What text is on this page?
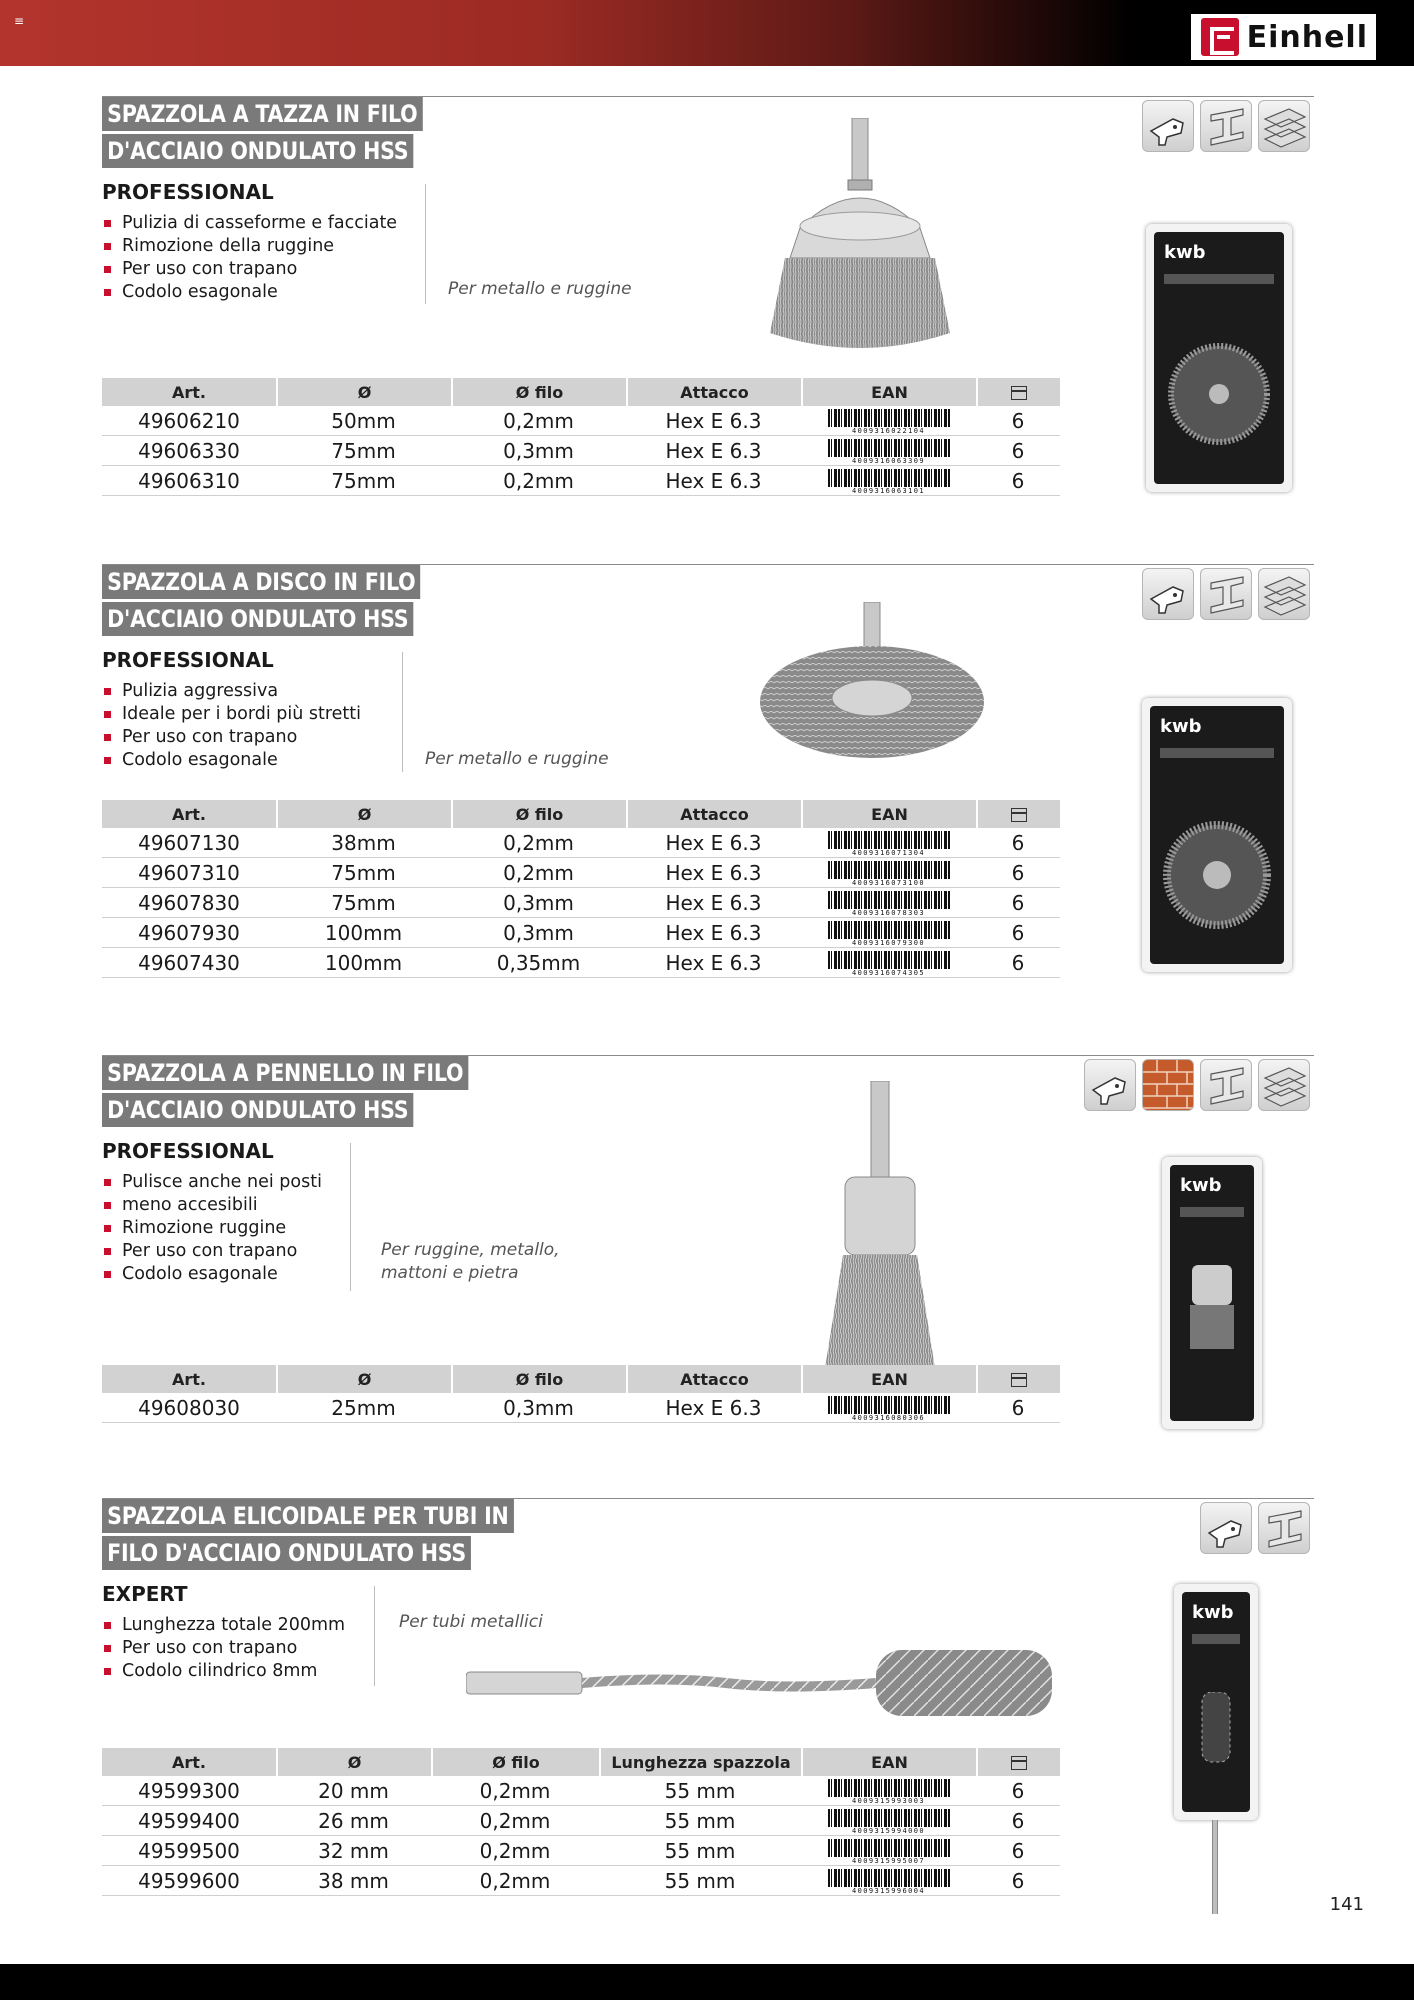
≡	Einhell
SPAZZOLA A TAZZA IN FILO
D'ACCIAIO ONDULATO HSS
PROFESSIONAL
Pulizia di casseforme e facciate
Rimozione della ruggine
Per uso con trapano
Codolo esagonale	Per metallo e ruggine
kwb
Art.	Ø	Ø filo	Attacco	EAN	
49606210	50mm	0,2mm	Hex E 6.3	4009316022104	6
49606330	75mm	0,3mm	Hex E 6.3	4009316063309	6
49606310	75mm	0,2mm	Hex E 6.3	4009316063101	6
SPAZZOLA A DISCO IN FILO
D'ACCIAIO ONDULATO HSS
PROFESSIONAL
Pulizia aggressiva
Ideale per i bordi più stretti
Per uso con trapano
Codolo esagonale	Per metallo e ruggine
kwb
Art.	Ø	Ø filo	Attacco	EAN	
49607130	38mm	0,2mm	Hex E 6.3	4009316071304	6
49607310	75mm	0,2mm	Hex E 6.3	4009316073100	6
49607830	75mm	0,3mm	Hex E 6.3	4009316078303	6
49607930	100mm	0,3mm	Hex E 6.3	4009316079300	6
49607430	100mm	0,35mm	Hex E 6.3	4009316074305	6
SPAZZOLA A PENNELLO IN FILO
D'ACCIAIO ONDULATO HSS
PROFESSIONAL
Pulisce anche nei posti
meno accesibili
Rimozione ruggine
Per uso con trapano
Codolo esagonale
Per ruggine, metallo,
mattoni e pietra
kwb
Art.	Ø	Ø filo	Attacco	EAN	
49608030	25mm	0,3mm	Hex E 6.3	4009316080306	6
SPAZZOLA ELICOIDALE PER TUBI IN
FILO D'ACCIAIO ONDULATO HSS
EXPERT
Lunghezza totale 200mm
Per uso con trapano
Codolo cilindrico 8mm
Per tubi metallici	kwb
Art.	Ø	Ø filo	Lunghezza spazzola	EAN	
49599300	20 mm	0,2mm	55 mm	4009315993003	6
49599400	26 mm	0,2mm	55 mm	4009315994000	6
49599500	32 mm	0,2mm	55 mm	4009315995007	6
49599600	38 mm	0,2mm	55 mm	4009315996004	6
141
